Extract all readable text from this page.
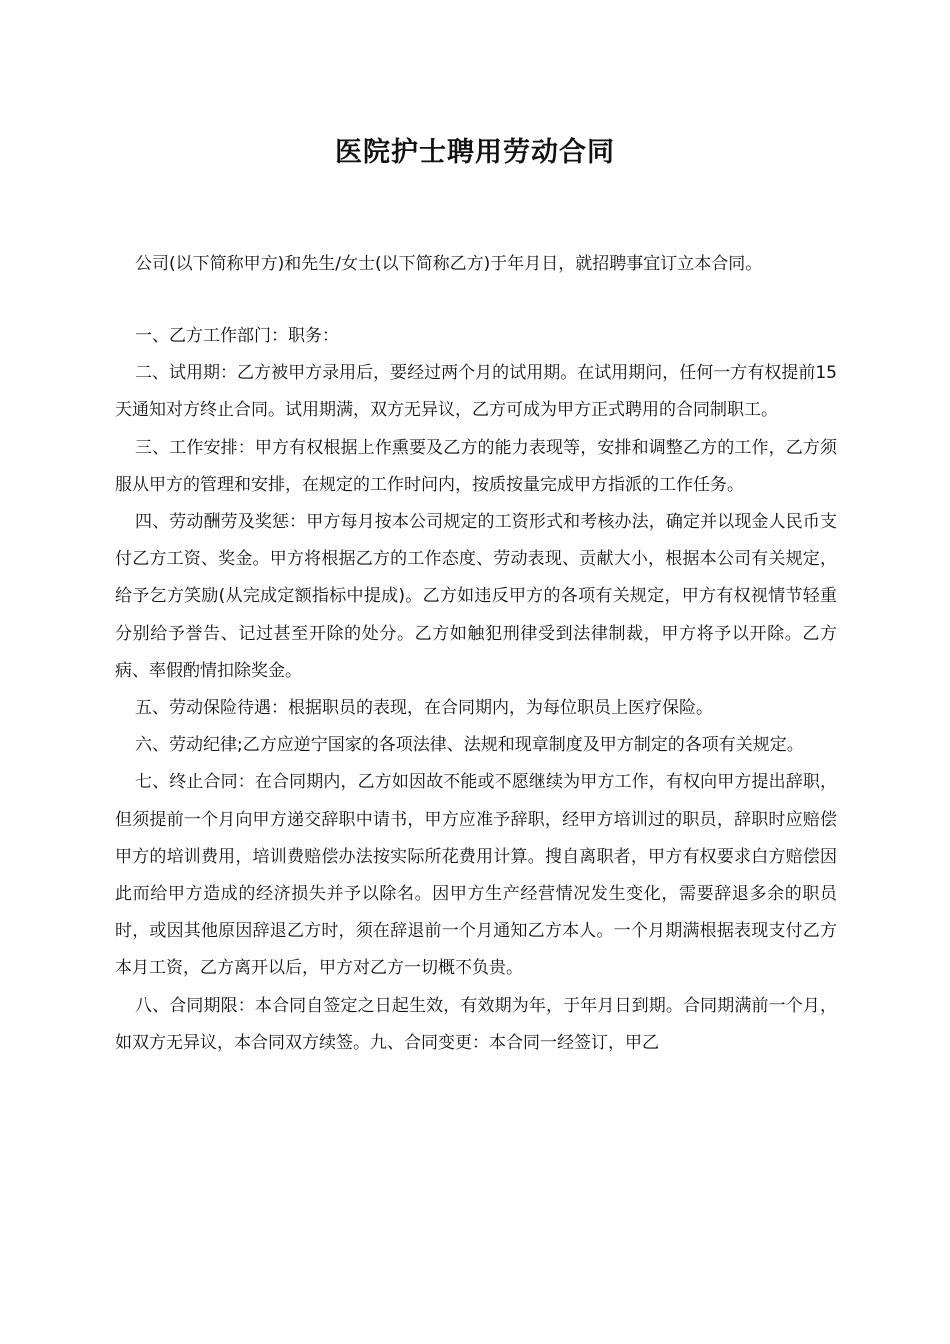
医院护士聘用劳动合同
公司(以下简称甲方)和先生/女士(以下简称乙方)于年月日，就招聘事宜订立本合同。

一、乙方工作部门：职务：

二、试用期：乙方被甲方录用后，要经过两个月的试用期。在试用期问，任何一方有权提前15天通知对方终止合同。试用期满，双方无异议，乙方可成为甲方正式聘用的合同制职工。

三、工作安排：甲方有权根据上作熏要及乙方的能力表现等，安排和调整乙方的工作，乙方须服从甲方的管理和安排，在规定的工作时问内，按质按量完成甲方指派的工作任务。

四、劳动酬劳及奖惩：甲方每月按本公司规定的工资形式和考核办法，确定并以现金人民币支付乙方工资、奖金。甲方将根据乙方的工作态度、劳动表现、贡献大小，根据本公司有关规定，给予乞方笑励(从完成定额指标中提成)。乙方如违反甲方的各项有关规定，甲方有权视情节轻重分别给予誉告、记过甚至开除的处分。乙方如触犯刑律受到法律制裁，甲方将予以开除。乙方病、率假酌情扣除奖金。

五、劳动保险待遇：根据职员的表现，在合同期内，为每位职员上医疗保险。

六、劳动纪律;乙方应逆宁国家的各项法律、法规和现章制度及甲方制定的各项有关规定。

七、终止合同：在合同期内，乙方如因故不能或不愿继续为甲方工作，有权向甲方提出辞职，但须提前一个月向甲方递交辞职中请书，甲方应准予辞职，经甲方培训过的职员，辞职时应赔偿甲方的培训费用，培训费赔偿办法按实际所花费用计算。搜自离职者，甲方有权要求白方赔偿因此而给甲方造成的经济损失并予以除名。因甲方生产经营情况发生变化，需要辞退多余的职员时，或因其他原因辞退乙方时，须在辞退前一个月通知乙方本人。一个月期满根据表现支付乙方本月工资，乙方离开以后，甲方对乙方一切概不负贵。

八、合同期限：本合同自签定之日起生效，有效期为年，于年月日到期。合同期满前一个月，如双方无异议，本合同双方续签。九、合同变更：本合同一经签订，甲乙
